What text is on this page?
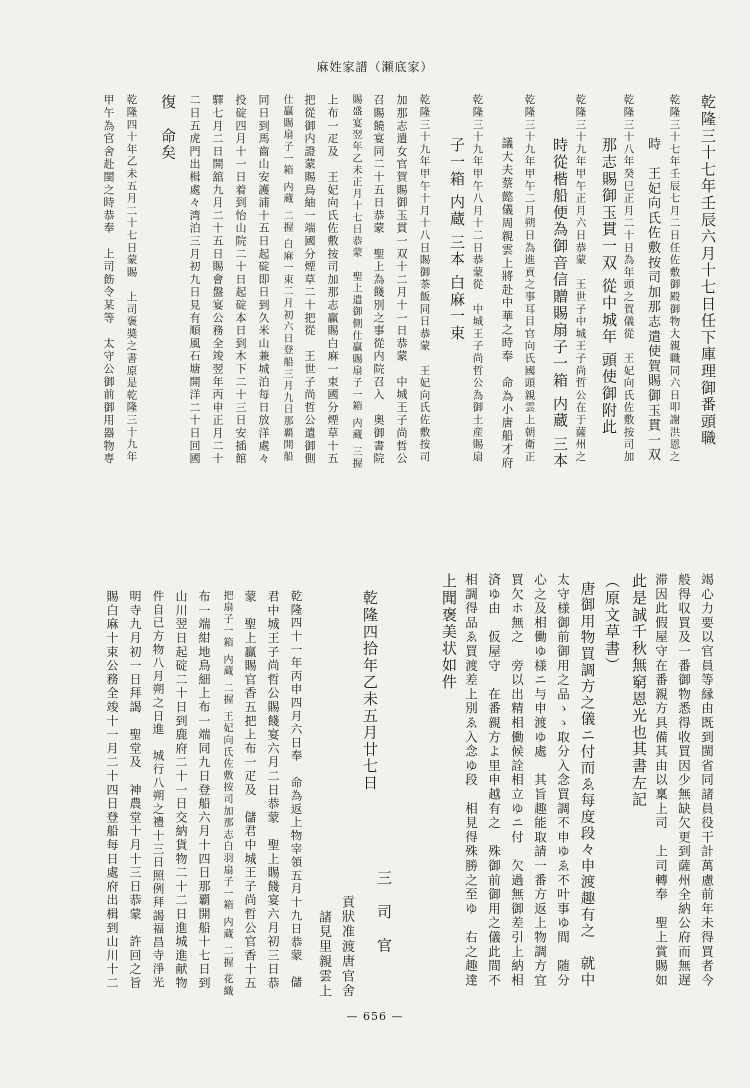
麻姓家譜（瀬底家）
乾隆三十七年壬辰六月十七日任下庫理御番頭職
乾隆三十七年壬辰七月二日任佐敷御殿御物大親職同六日叩謝洪恩之
時　王妃向氏佐敷按司加那志遣使賀賜御玉貫一双
乾隆三十八年癸巳正月二十日為年頭之賀儀從　王妃向氏佐敷按司加
那志賜御玉貫一双 從中城年 頭使御附此
乾隆三十九年甲午正月六日恭蒙　王世子中城王子尚哲公在于薩州之
時從楷船便為御音信贈賜扇子一箱 内蔵 三本
乾隆三十九年甲午二月朔日為進貢之事耳目官向氏國頭親雲上朝衛正
議大夫蔡懿儀周親雲上將赴中華之時奉　命為小唐船才府
乾隆三十九年甲午八月十二日恭蒙從　中城王子尚哲公為御土産賜扇
子一箱 内蔵 三本 白麻一束
乾隆三十九年甲午十月十八日賜御茶飯同日恭蒙　王妃向氏佐敷按司
加那志遣女官賀賜御玉貫一双十二月十一日恭蒙　中城王子尚哲公
召賜饒宴同二十五日恭蒙　聖上為餞別之事從内院召入　奥御書院
賜盛宴翌年乙未正月十七日恭蒙　聖上遣御側仕贏賜扇子一箱 内蔵 三握
上布一疋及　王妃向氏佐敷按司加那志贏賜白麻一束國分煙草十五
把從御内證蒙賜鳥紬一端國分煙草二十把從　王世子尚哲公遣御側
仕贏賜扇子一箱 内蔵 二握 白麻一束二月初六日登船三月九日那覇開船
同日到馬齒山安護浦十五日起碇即日到久米山兼城泊每日放洋處々
投碇四月十一日着到怡山院二十日起碇本日到木下二十三日安插館
驛七月二日開舘九月二十五日賜會盤宴公務全竣翌年丙申正月二十
二日五虎門出楫處々湾泊三月初九日見有順風石塘開洋二十日回國
復　命矣
乾隆四十年乙未五月二十七日蒙賜　上司褒奬之書原是乾隆三十九年
甲午為官舍赴閩之時恭奉　上司飭令某等　太守公御前御用器物専
竭心力要以官員等縁由既到閩省同諸員役干計萬慮前年未得買者今
般得収買及一番御物悉得收買因少無缺欠更到薩州全納公府而無遅
滞因此假屋守在番親方具備其由以稟上司　上司轉奉　聖上賞賜如
此是誠千秋無窮恩光也其書左記
（原文草書）
唐御用物買調方之儀ニ付而ゑ每度段々申渡趣有之　就中
太守様御前御用之品ゝゝ取分入念買調不申ゆゑ不叶事ゆ間　随分
心之及相働ゆ様ニ与申渡ゆ處　其旨趣能取請一番方返上物調方宜
買欠ホ無之　旁以出精相働候詮相立ゆニ付　欠過無御差引上納相
済ゆ由　仮屋守　在番親方よ里申越有之　殊御前御用之儀此間不
相調得品ゑ買渡差上別ゑ入念ゆ段　相見得殊勝之至ゆ　右之趣達
上聞褒美状如件
乾隆四拾年乙未五月廿七日
三　司　官
貢狀准渡唐官舍
諸見里親雲上
乾隆四十一年丙申四月六日奉　命為返上物宰領五月十九日恭蒙　儲
君中城王子尚哲公賜餞宴六月二日恭蒙　聖上賜餞宴六月初三日恭
蒙　聖上贏賜官香五把上布一疋及　儲君中城王子尚哲公官香十五
把扇子一箱 内蔵 二握 王妃向氏佐敷按司加那志白羽扇子一箱 内蔵 二握 花織
布一端紺地鳥細上布一端同九日登船六月十四日那覇開船十七日到
山川翌日起碇二十日到鹿府二十一日交納貨物二十二日進城進献物
件自已方物八月朔之日進　城行八朔之禮十三日照例拜謁福昌寺淨光
明寺九月初一日拜謁　聖堂及　神農堂十月十三日恭蒙　許回之旨
賜白麻十束公務全竣十一月二十四日登船每日處府出楫到山川十二
— 656 —
